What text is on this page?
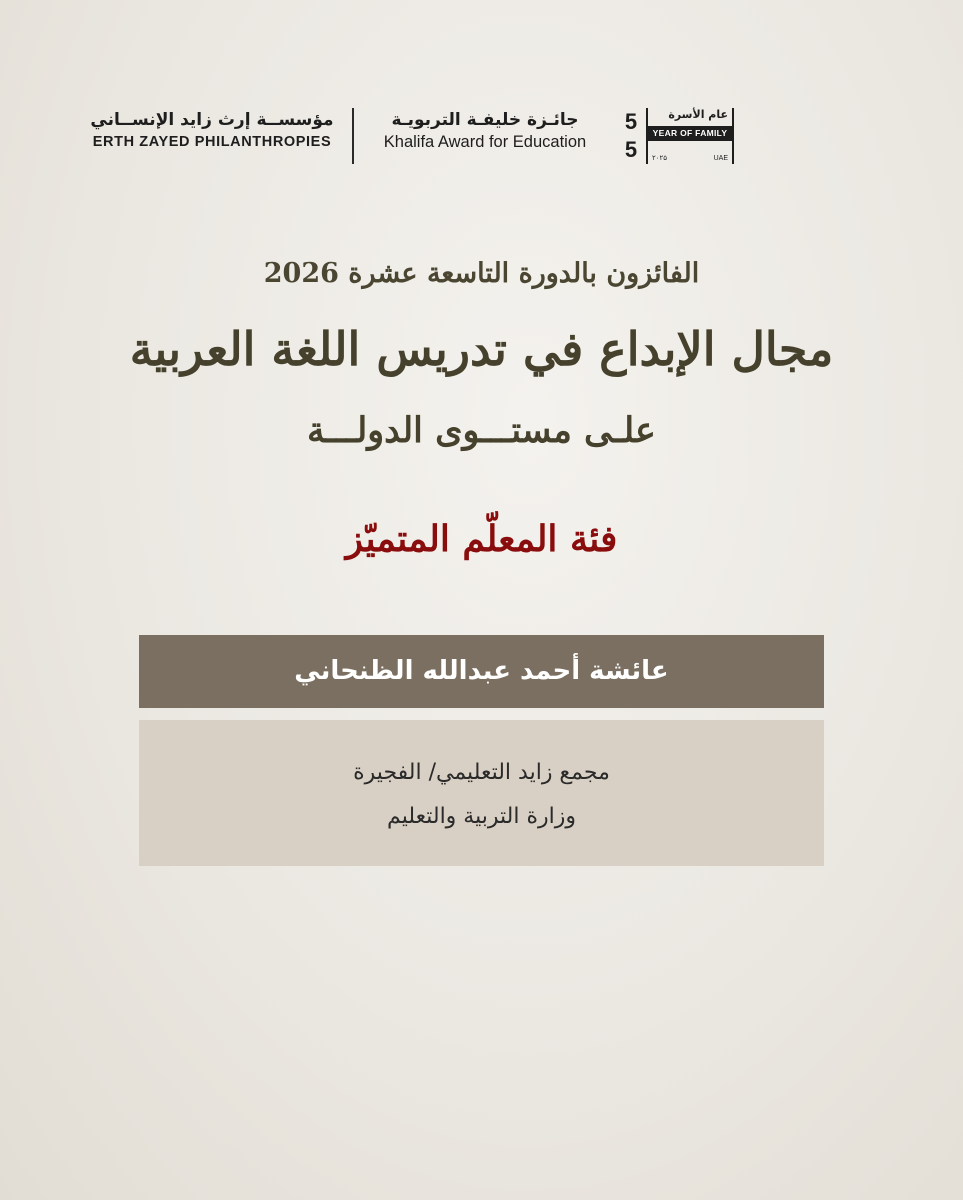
مؤسســة إرث زايد الإنســاني
ERTH ZAYED PHILANTHROPIES
جائـزة خليفـة التربويـة
Khalifa Award for Education
5
5
عام الأسرة
YEAR OF FAMILY
۲۰۲۵	UAE
الفائزون بالدورة التاسعة عشرة 2026
مجال الإبداع في تدريس اللغة العربية
علـى مستـــوى الدولـــة
فئة المعلّم المتميّز
عائشة أحمد عبدالله الظنحاني
مجمع زايد التعليمي/ الفجيرة
وزارة التربية والتعليم
